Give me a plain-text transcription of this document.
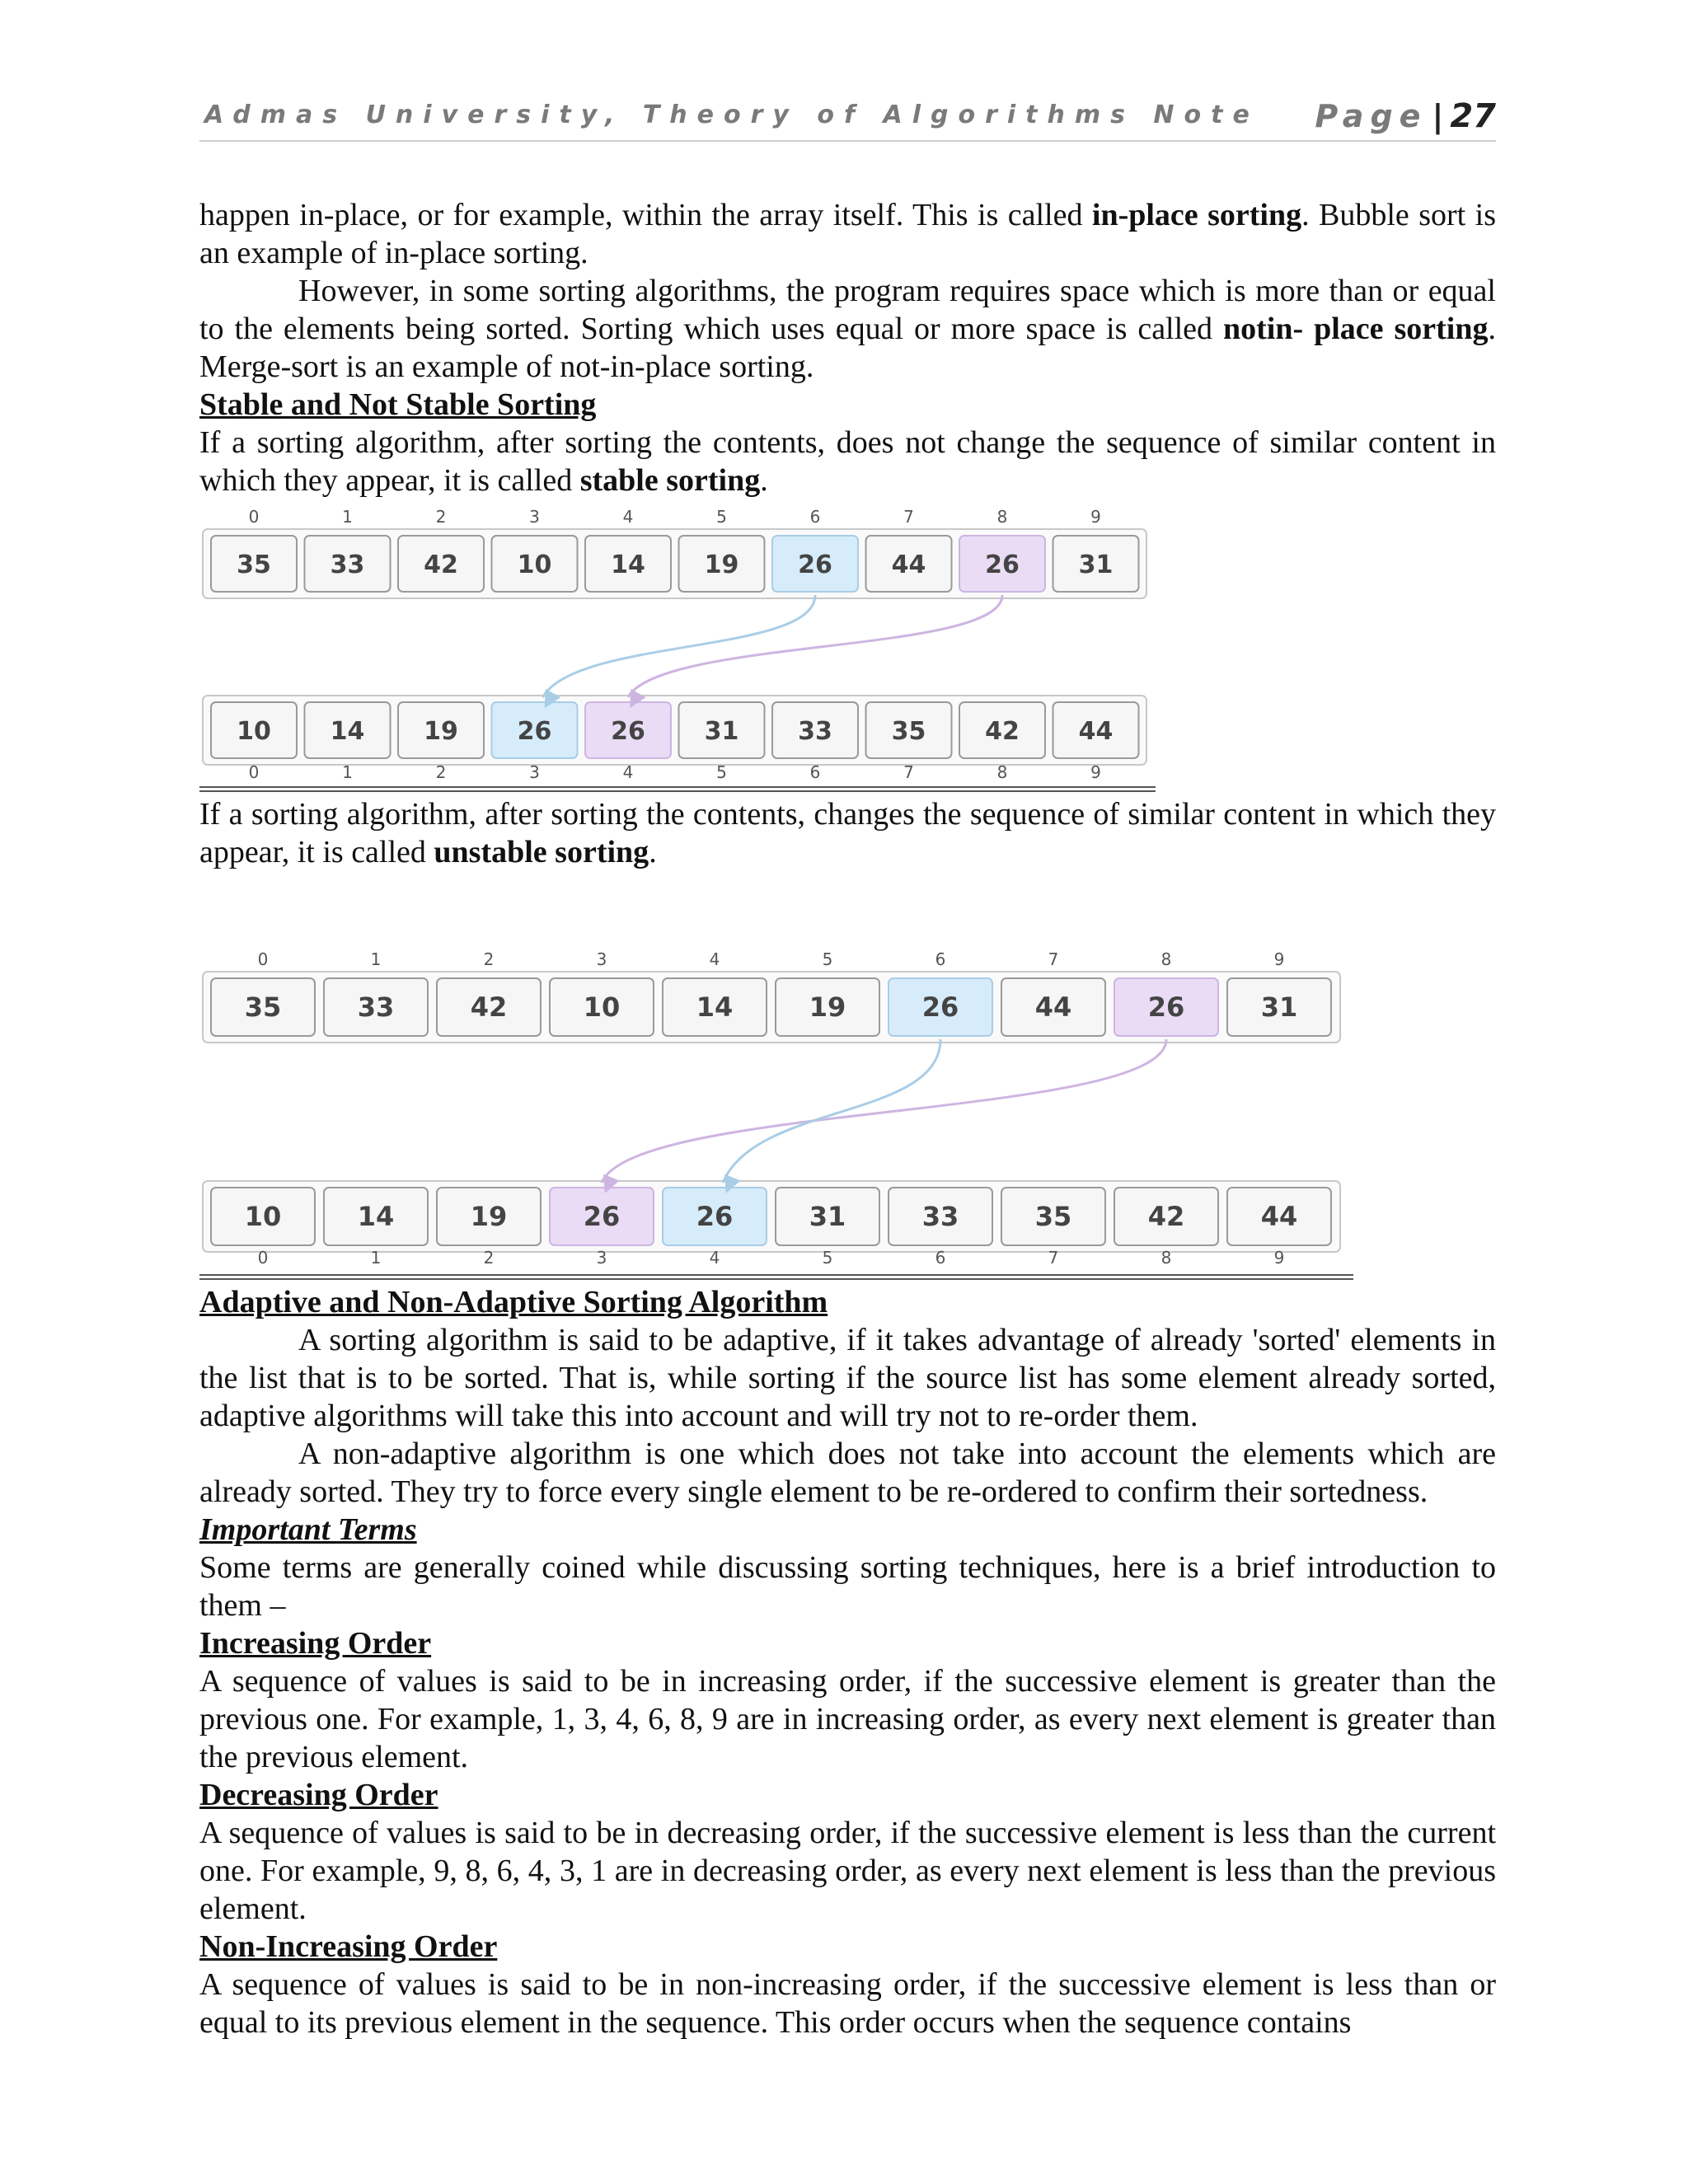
Admas University, Theory of Algorithms Note Page | 27

happen in-place, or for example, within the array itself. This is called in-place sorting. Bubble sort is an example of in-place sorting.

However, in some sorting algorithms, the program requires space which is more than or equal to the elements being sorted. Sorting which uses equal or more space is called notin- place sorting. Merge-sort is an example of not-in-place sorting.

Stable and Not Stable Sorting

If a sorting algorithm, after sorting the contents, does not change the sequence of similar content in which they appear, it is called stable sorting.

0	1	2	3	4	5	6	7	8	9
35 33 42 10 14 19 26 44 26 31
10 14 19 26 26 31 33 35 42 44
0	1	2	3	4	5	6	7	8	9

If a sorting algorithm, after sorting the contents, changes the sequence of similar content in which they appear, it is called unstable sorting.

0	1	2	3	4	5	6	7	8	9
35	33	42	10	14	19	26	44	26	31
10	14	19	26	26	31	33	35	42	44
0	1	2	3	4	5	6	7	8	9
Adaptive and Non-Adaptive Sorting Algorithm

A sorting algorithm is said to be adaptive, if it takes advantage of already 'sorted' elements in the list that is to be sorted. That is, while sorting if the source list has some element already sorted, adaptive algorithms will take this into account and will try not to re-order them.

A non-adaptive algorithm is one which does not take into account the elements which are already sorted. They try to force every single element to be re-ordered to confirm their sortedness.

Important Terms

Some terms are generally coined while discussing sorting techniques, here is a brief introduction to them –

Increasing Order

A sequence of values is said to be in increasing order, if the successive element is greater than the previous one. For example, 1, 3, 4, 6, 8, 9 are in increasing order, as every next element is greater than the previous element.

Decreasing Order

A sequence of values is said to be in decreasing order, if the successive element is less than the current one. For example, 9, 8, 6, 4, 3, 1 are in decreasing order, as every next element is less than the previous element.

Non-Increasing Order

A sequence of values is said to be in non-increasing order, if the successive element is less than or equal to its previous element in the sequence. This order occurs when the sequence contains
